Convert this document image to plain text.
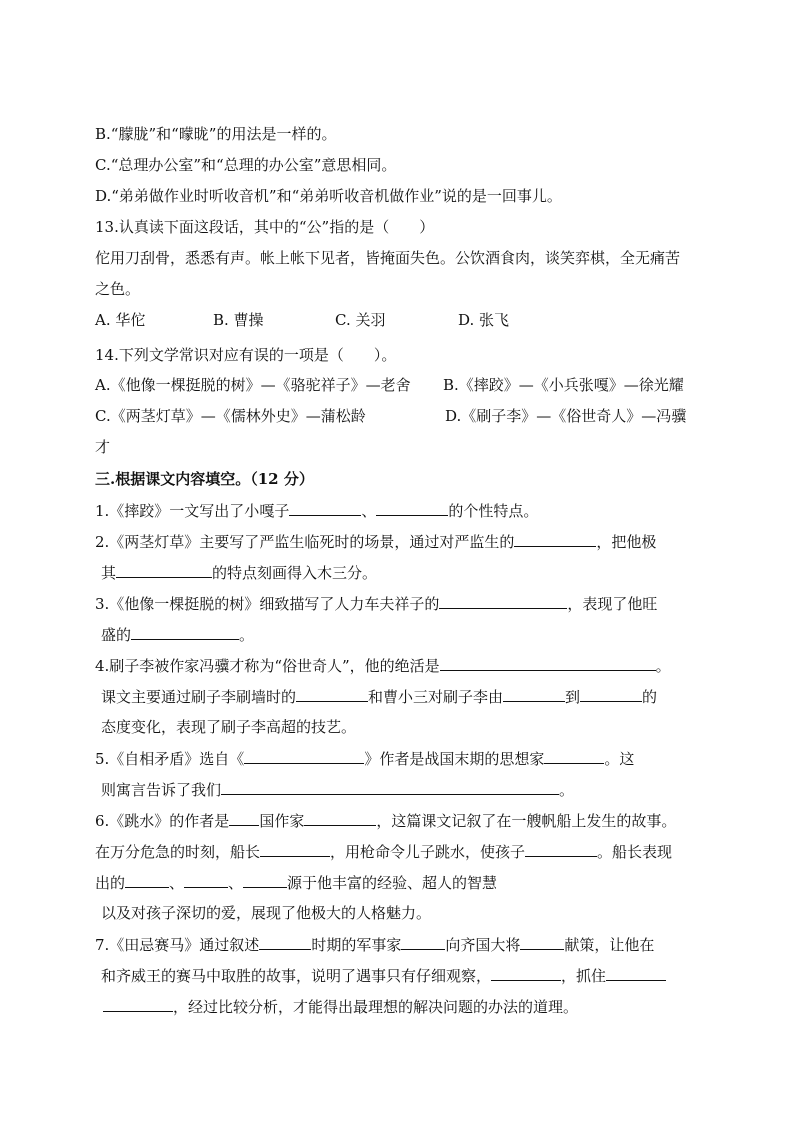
B.“朦胧”和“曚昽”的用法是一样的。
C.“总理办公室”和“总理的办公室”意思相同。
D.“弟弟做作业时听收音机”和“弟弟听收音机做作业”说的是一回事儿。
13.认真读下面这段话，其中的“公”指的是（　　）
佗用刀刮骨，悉悉有声。帐上帐下见者，皆掩面失色。公饮酒食肉，谈笑弈棋，全无痛苦
之色。
A. 华佗	B. 曹操	C. 关羽	D. 张飞
14.下列文学常识对应有误的一项是（　　）。
A.《他像一棵挺脱的树》—《骆驼祥子》—老舍 B.《摔跤》—《小兵张嘎》—徐光耀
C.《两茎灯草》—《儒林外史》—蒲松龄	D.《刷子李》—《俗世奇人》—冯骥
才
三.根据课文内容填空。（12 分）
1.《摔跤》一文写出了小嘎子	、	的个性特点。
2.《两茎灯草》主要写了严监生临死时的场景，通过对严监生的	，把他极
其	的特点刻画得入木三分。
3.《他像一棵挺脱的树》细致描写了人力车夫祥子的	，表现了他旺
盛的	。
4.刷子李被作家冯骥才称为“俗世奇人”，他的绝活是	。
课文主要通过刷子李刷墙时的	和曹小三对刷子李由	到	的
态度变化，表现了刷子李高超的技艺。
5.《自相矛盾》选自《	》作者是战国末期的思想家	。这
则寓言告诉了我们	。
6.《跳水》的作者是 国作家	，这篇课文记叙了在一艘帆船上发生的故事。
在万分危急的时刻，船长	，用枪命令儿子跳水，使孩子	。船长表现
出的	、	、	源于他丰富的经验、超人的智慧
以及对孩子深切的爱，展现了他极大的人格魅力。
7.《田忌赛马》通过叙述	时期的军事家	向齐国大将	献策，让他在
和齐威王的赛马中取胜的故事，说明了遇事只有仔细观察，	，抓住
，经过比较分析，才能得出最理想的解决问题的办法的道理。
